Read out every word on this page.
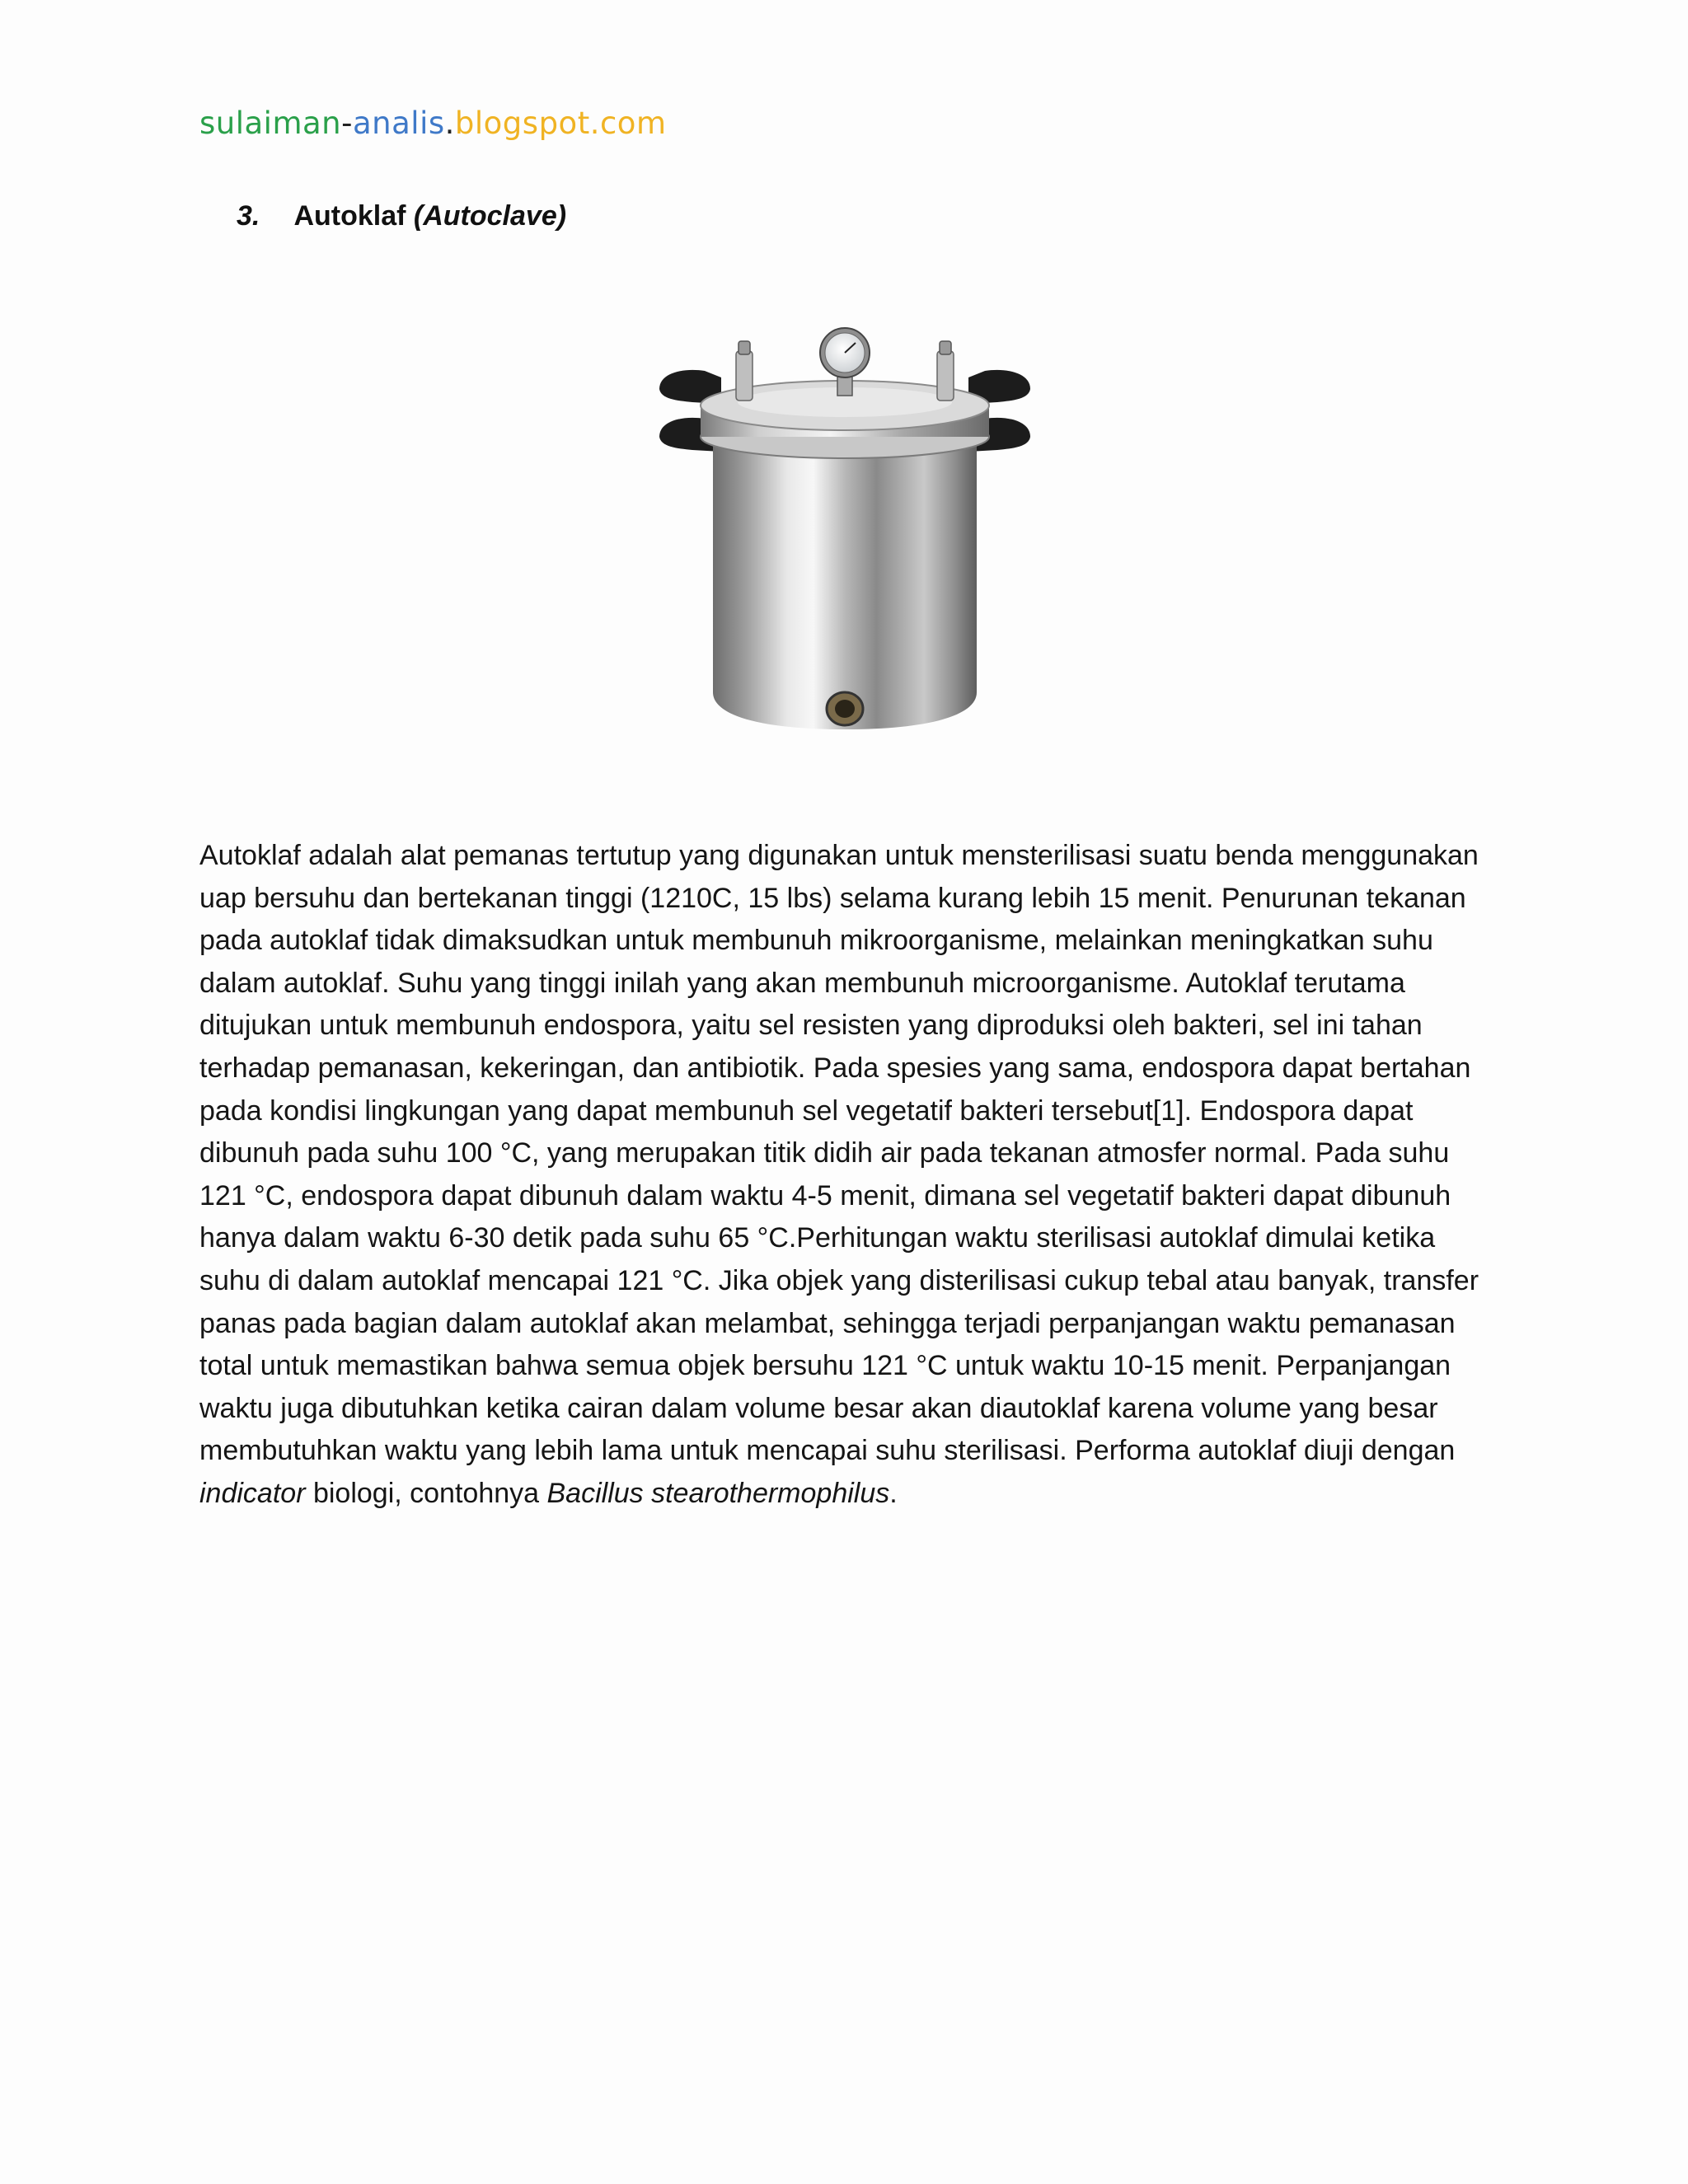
sulaiman-analis.blogspot.com
3. Autoklaf (Autoclave)
Autoklaf adalah alat pemanas tertutup yang digunakan untuk mensterilisasi suatu benda menggunakan
uap bersuhu dan bertekanan tinggi (1210C, 15 lbs) selama kurang lebih 15 menit. Penurunan tekanan
pada autoklaf tidak dimaksudkan untuk membunuh mikroorganisme, melainkan meningkatkan suhu
dalam autoklaf. Suhu yang tinggi inilah yang akan membunuh microorganisme. Autoklaf terutama
ditujukan untuk membunuh endospora, yaitu sel resisten yang diproduksi oleh bakteri, sel ini tahan
terhadap pemanasan, kekeringan, dan antibiotik. Pada spesies yang sama, endospora dapat bertahan
pada kondisi lingkungan yang dapat membunuh sel vegetatif bakteri tersebut[1]. Endospora dapat
dibunuh pada suhu 100 °C, yang merupakan titik didih air pada tekanan atmosfer normal. Pada suhu
121 °C, endospora dapat dibunuh dalam waktu 4-5 menit, dimana sel vegetatif bakteri dapat dibunuh
hanya dalam waktu 6-30 detik pada suhu 65 °C.Perhitungan waktu sterilisasi autoklaf dimulai ketika
suhu di dalam autoklaf mencapai 121 °C. Jika objek yang disterilisasi cukup tebal atau banyak, transfer
panas pada bagian dalam autoklaf akan melambat, sehingga terjadi perpanjangan waktu pemanasan
total untuk memastikan bahwa semua objek bersuhu 121 °C untuk waktu 10-15 menit. Perpanjangan
waktu juga dibutuhkan ketika cairan dalam volume besar akan diautoklaf karena volume yang besar
membutuhkan waktu yang lebih lama untuk mencapai suhu sterilisasi. Performa autoklaf diuji dengan
indicator biologi, contohnya Bacillus stearothermophilus.
